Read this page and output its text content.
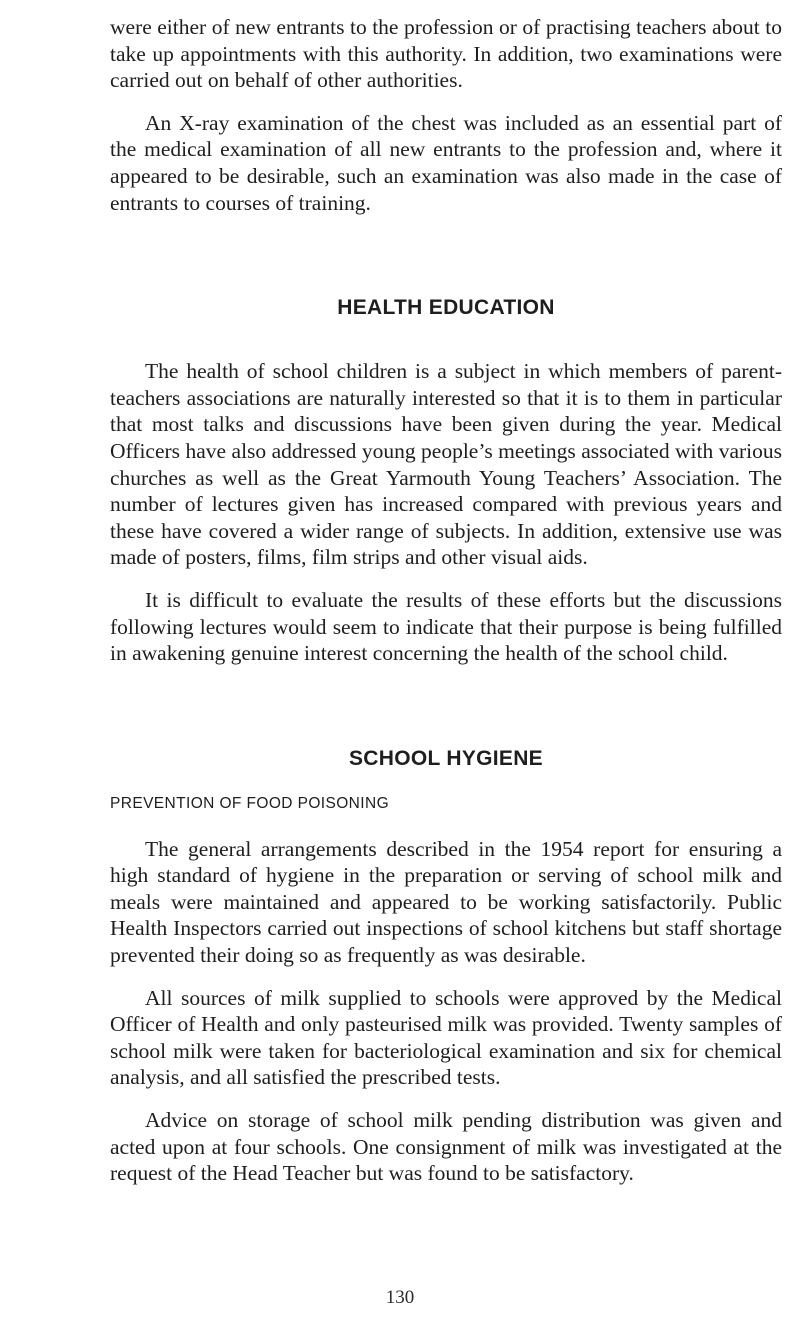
were either of new entrants to the profession or of practising teachers about to take up appointments with this authority. In addition, two examinations were carried out on behalf of other authorities.

An X-ray examination of the chest was included as an essential part of the medical examination of all new entrants to the profession and, where it appeared to be desirable, such an examination was also made in the case of entrants to courses of training.

HEALTH EDUCATION

The health of school children is a subject in which members of parent-teachers associations are naturally interested so that it is to them in particular that most talks and discussions have been given during the year. Medical Officers have also addressed young people’s meetings associated with various churches as well as the Great Yarmouth Young Teachers’ Association. The number of lectures given has increased compared with previous years and these have covered a wider range of subjects. In addition, extensive use was made of posters, films, film strips and other visual aids.

It is difficult to evaluate the results of these efforts but the discussions following lectures would seem to indicate that their purpose is being fulfilled in awakening genuine interest concerning the health of the school child.

SCHOOL HYGIENE
PREVENTION OF FOOD POISONING

The general arrangements described in the 1954 report for ensuring a high standard of hygiene in the preparation or serving of school milk and meals were maintained and appeared to be working satisfactorily. Public Health Inspectors carried out inspections of school kitchens but staff shortage prevented their doing so as frequently as was desirable.

All sources of milk supplied to schools were approved by the Medical Officer of Health and only pasteurised milk was provided. Twenty samples of school milk were taken for bacteriological examination and six for chemical analysis, and all satisfied the prescribed tests.

Advice on storage of school milk pending distribution was given and acted upon at four schools. One consignment of milk was investigated at the request of the Head Teacher but was found to be satisfactory.

130
